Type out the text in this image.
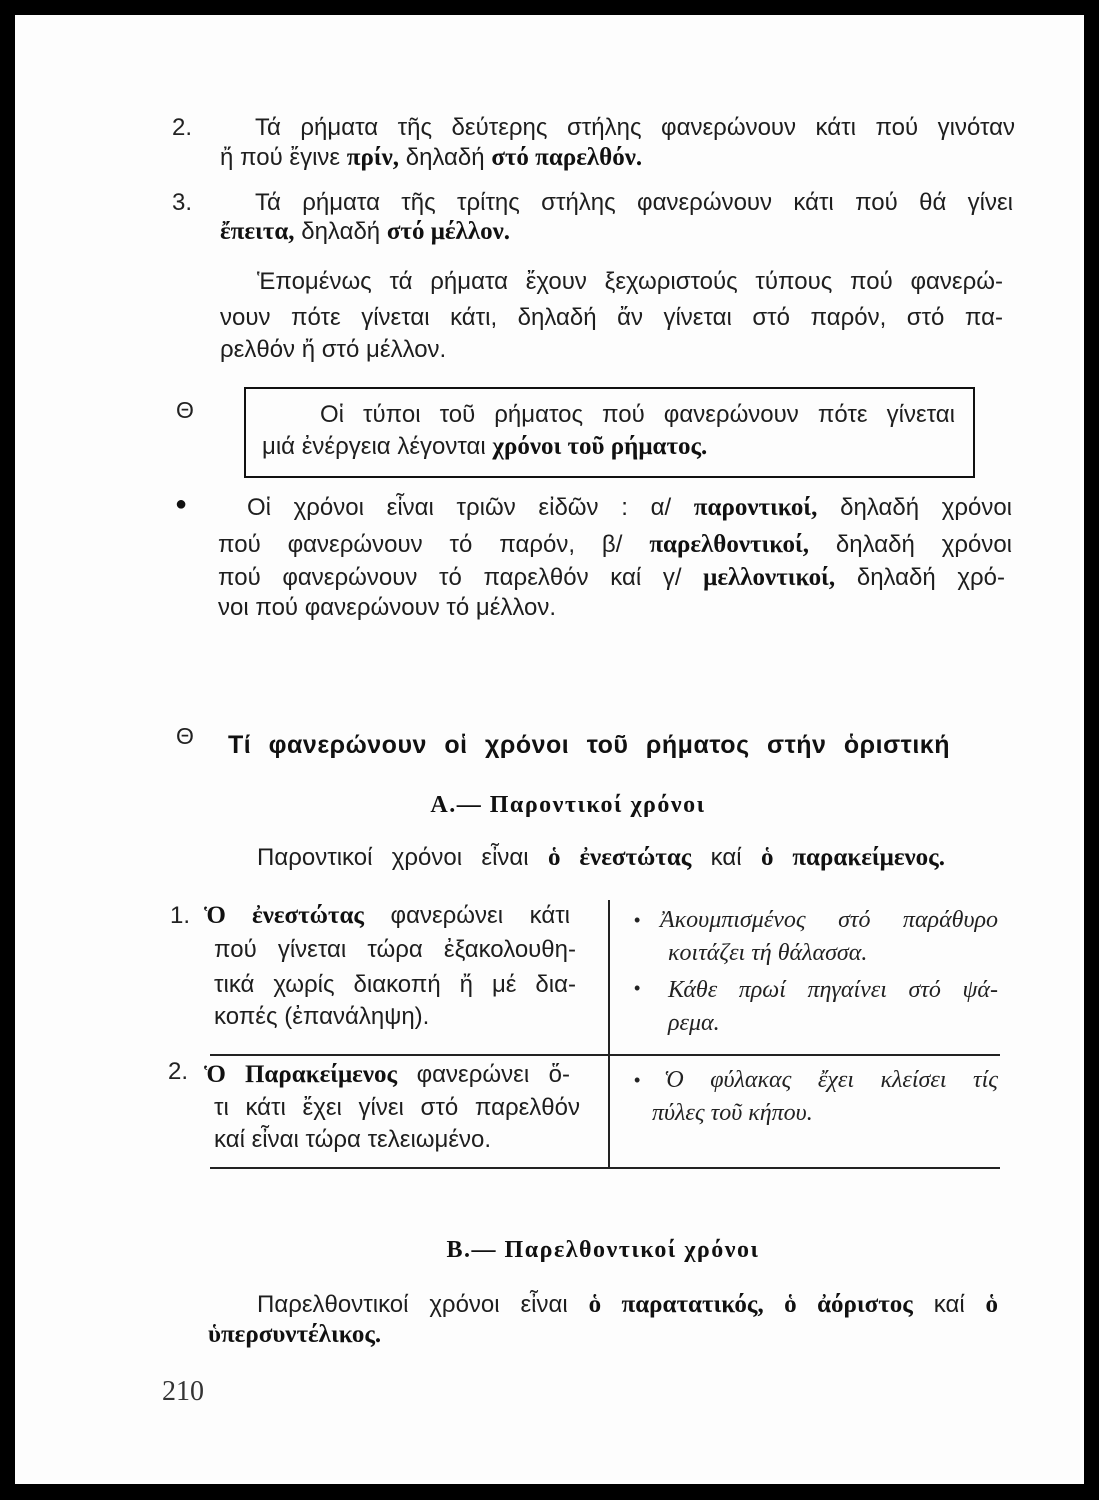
2.	Τά ρήματα τῆς δεύτερης στήλης φανερώνουν κάτι πού γινόταν
ἤ πού ἔγινε πρίν, δηλαδή στό παρελθόν.
3.	Τά ρήματα τῆς τρίτης στήλης φανερώνουν κάτι πού θά γίνει
ἔπειτα, δηλαδή στό μέλλον.
Ἑπομένως τά ρήματα ἔχουν ξεχωριστούς τύπους πού φανερώ-
νουν πότε γίνεται κάτι, δηλαδή ἄν γίνεται στό παρόν, στό πα-
ρελθόν ἤ στό μέλλον.
Θ	Οἱ τύποι τοῦ ρήματος πού φανερώνουν πότε γίνεται
μιά ἐνέργεια λέγονται χρόνοι τοῦ ρήματος.
● Οἱ χρόνοι εἶναι τριῶν εἰδῶν : α/ παροντικοί, δηλαδή χρόνοι
πού φανερώνουν τό παρόν, β/ παρελθοντικοί, δηλαδή χρόνοι
πού φανερώνουν τό παρελθόν καί γ/ μελλοντικοί, δηλαδή χρό-
νοι πού φανερώνουν τό μέλλον.
Θ Τί φανερώνουν οἱ χρόνοι τοῦ ρήματος στήν ὁριστική
Α.— Παροντικοί χρόνοι
Παροντικοί χρόνοι εἶναι ὁ ἐνεστώτας καί ὁ παρακείμενος.
1. Ὁ ἐνεστώτας φανερώνει κάτι
πού γίνεται τώρα ἐξακολουθη-
τικά χωρίς διακοπή ἤ μέ δια-
κοπές (ἐπανάληψη).
• Ἀκουμπισμένος στό παράθυρο
κοιτάζει τή θάλασσα.
• Κάθε πρωί πηγαίνει στό ψά-
ρεμα.
2. Ὁ Παρακείμενος φανερώνει ὅ-
τι κάτι ἔχει γίνει στό παρελθόν
καί εἶναι τώρα τελειωμένο.
• Ὁ φύλακας ἔχει κλείσει τίς
πύλες τοῦ κήπου.
Β.— Παρελθοντικοί χρόνοι
Παρελθοντικοί χρόνοι εἶναι ὁ παρατατικός, ὁ ἀόριστος καί ὁ
ὑπερσυντέλικος.
210
